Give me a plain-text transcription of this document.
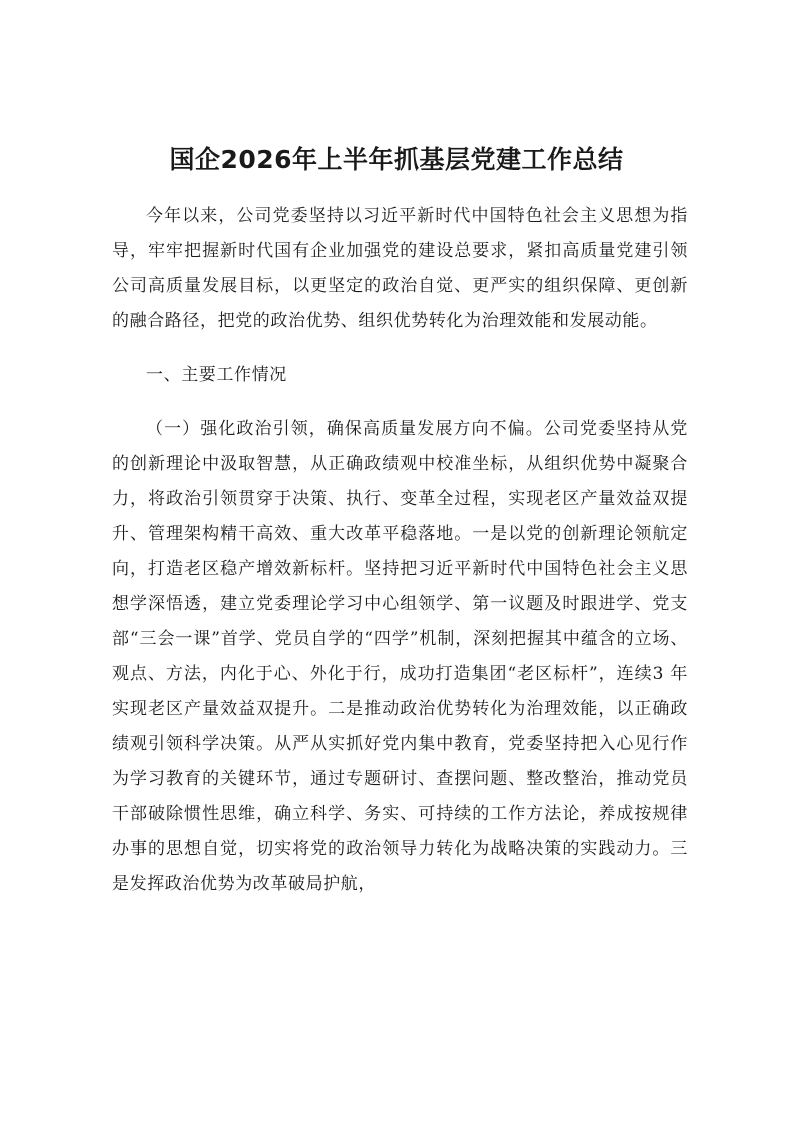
国企2026年上半年抓基层党建工作总结

今年以来，公司党委坚持以习近平新时代中国特色社会主义思想为指导，牢牢把握新时代国有企业加强党的建设总要求，紧扣高质量党建引领公司高质量发展目标，以更坚定的政治自觉、更严实的组织保障、更创新的融合路径，把党的政治优势、组织优势转化为治理效能和发展动能。

一、主要工作情况

（一）强化政治引领，确保高质量发展方向不偏。公司党委坚持从党的创新理论中汲取智慧，从正确政绩观中校准坐标，从组织优势中凝聚合力，将政治引领贯穿于决策、执行、变革全过程，实现老区产量效益双提升、管理架构精干高效、重大改革平稳落地。一是以党的创新理论领航定向，打造老区稳产增效新标杆。坚持把习近平新时代中国特色社会主义思想学深悟透，建立党委理论学习中心组领学、第一议题及时跟进学、党支部“三会一课”首学、党员自学的“四学”机制，深刻把握其中蕴含的立场、观点、方法，内化于心、外化于行，成功打造集团“老区标杆”，连续3 年实现老区产量效益双提升。二是推动政治优势转化为治理效能，以正确政绩观引领科学决策。从严从实抓好党内集中教育，党委坚持把入心见行作为学习教育的关键环节，通过专题研讨、查摆问题、整改整治，推动党员干部破除惯性思维，确立科学、务实、可持续的工作方法论，养成按规律办事的思想自觉，切实将党的政治领导力转化为战略决策的实践动力。三是发挥政治优势为改革破局护航，
